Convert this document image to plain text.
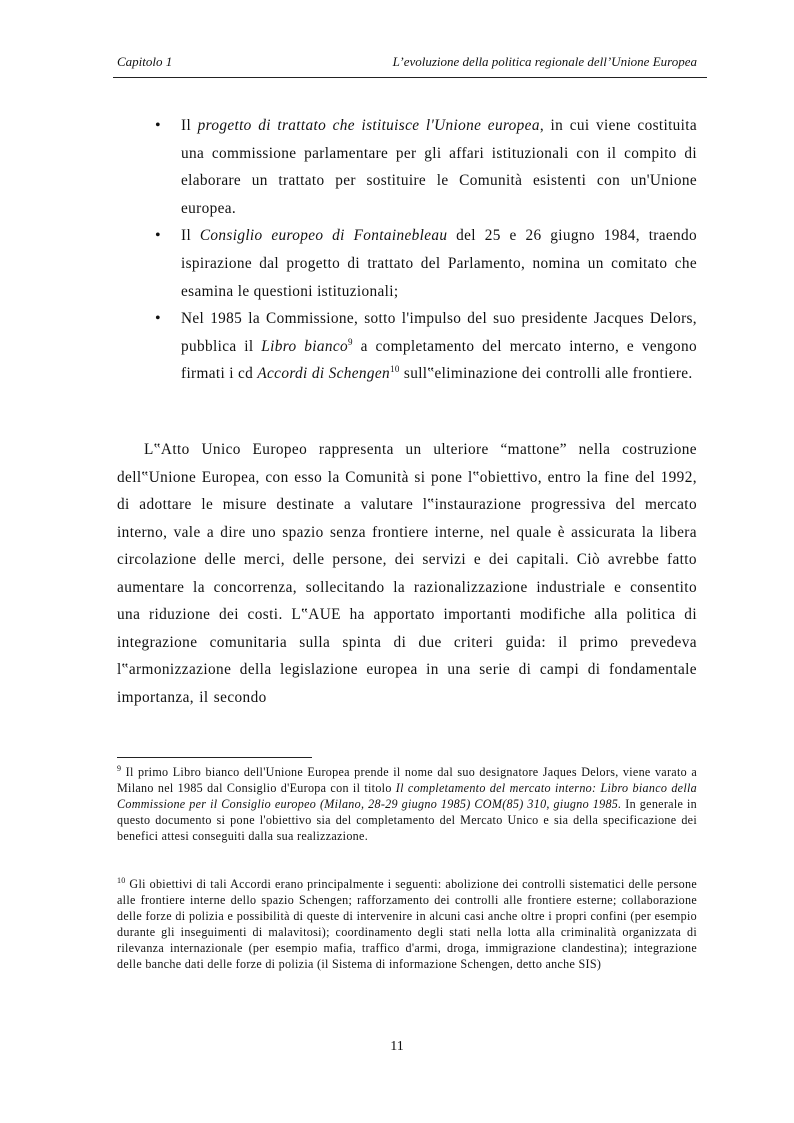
Capitolo 1	L’evoluzione della politica regionale dell’Unione Europea
• Il progetto di trattato che istituisce l'Unione europea, in cui viene costituita una commissione parlamentare per gli affari istituzionali con il compito di elaborare un trattato per sostituire le Comunità esistenti con un'Unione europea.
• Il Consiglio europeo di Fontainebleau del 25 e 26 giugno 1984, traendo ispirazione dal progetto di trattato del Parlamento, nomina un comitato che esamina le questioni istituzionali;
• Nel 1985 la Commissione, sotto l'impulso del suo presidente Jacques Delors, pubblica il Libro bianco$^9$ a completamento del mercato interno, e vengono firmati i cd Accordi di Schengen$^{10}$ sull‟eliminazione dei controlli alle frontiere.

L‟Atto Unico Europeo rappresenta un ulteriore “mattone” nella costruzione dell‟Unione Europea, con esso la Comunità si pone l‟obiettivo, entro la fine del 1992, di adottare le misure destinate a valutare l‟instaurazione progressiva del mercato interno, vale a dire uno spazio senza frontiere interne, nel quale è assicurata la libera circolazione delle merci, delle persone, dei servizi e dei capitali. Ciò avrebbe fatto aumentare la concorrenza, sollecitando la razionalizzazione industriale e consentito una riduzione dei costi. L‟AUE ha apportato importanti modifiche alla politica di integrazione comunitaria sulla spinta di due criteri guida: il primo prevedeva l‟armonizzazione della legislazione europea in una serie di campi di fondamentale importanza, il secondo

$^9$ Il primo Libro bianco dell'Unione Europea prende il nome dal suo designatore Jaques Delors, viene varato a Milano nel 1985 dal Consiglio d'Europa con il titolo Il completamento del mercato interno: Libro bianco della Commissione per il Consiglio europeo (Milano, 28-29 giugno 1985) COM(85) 310, giugno 1985. In generale in questo documento si pone l'obiettivo sia del completamento del Mercato Unico e sia della specificazione dei benefici attesi conseguiti dalla sua realizzazione.

$^{10}$ Gli obiettivi di tali Accordi erano principalmente i seguenti: abolizione dei controlli sistematici delle persone alle frontiere interne dello spazio Schengen; rafforzamento dei controlli alle frontiere esterne; collaborazione delle forze di polizia e possibilità di queste di intervenire in alcuni casi anche oltre i propri confini (per esempio durante gli inseguimenti di malavitosi); coordinamento degli stati nella lotta alla criminalità organizzata di rilevanza internazionale (per esempio mafia, traffico d'armi, droga, immigrazione clandestina); integrazione delle banche dati delle forze di polizia (il Sistema di informazione Schengen, detto anche SIS)

11
